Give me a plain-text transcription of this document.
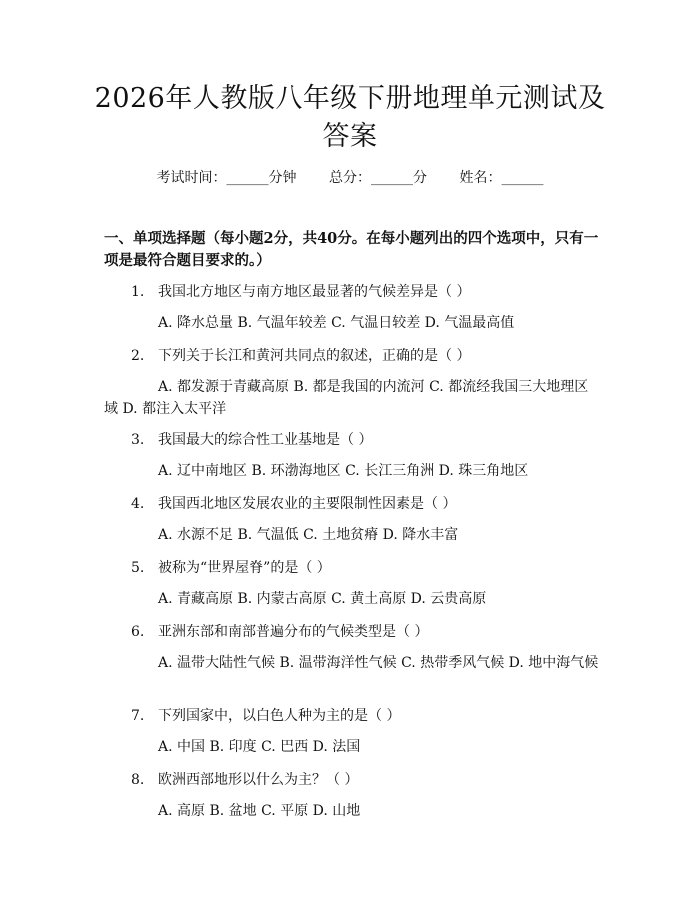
2026年人教版八年级下册地理单元测试及答案
考试时间：______分钟 总分：______分 姓名：______
一、单项选择题（每小题2分，共40分。在每小题列出的四个选项中，只有一项是最符合题目要求的。）
1. 我国北方地区与南方地区最显著的气候差异是（ ）
A. 降水总量 B. 气温年较差 C. 气温日较差 D. 气温最高值
2. 下列关于长江和黄河共同点的叙述，正确的是（ ）
A. 都发源于青藏高原 B. 都是我国的内流河 C. 都流经我国三大地理区域 D. 都注入太平洋
3. 我国最大的综合性工业基地是（ ）
A. 辽中南地区 B. 环渤海地区 C. 长江三角洲 D. 珠三角地区
4. 我国西北地区发展农业的主要限制性因素是（ ）
A. 水源不足 B. 气温低 C. 土地贫瘠 D. 降水丰富
5. 被称为“世界屋脊”的是（ ）
A. 青藏高原 B. 内蒙古高原 C. 黄土高原 D. 云贵高原
6. 亚洲东部和南部普遍分布的气候类型是（ ）
A. 温带大陆性气候 B. 温带海洋性气候 C. 热带季风气候 D. 地中海气候
7. 下列国家中，以白色人种为主的是（ ）
A. 中国 B. 印度 C. 巴西 D. 法国
8. 欧洲西部地形以什么为主？（ ）
A. 高原 B. 盆地 C. 平原 D. 山地
